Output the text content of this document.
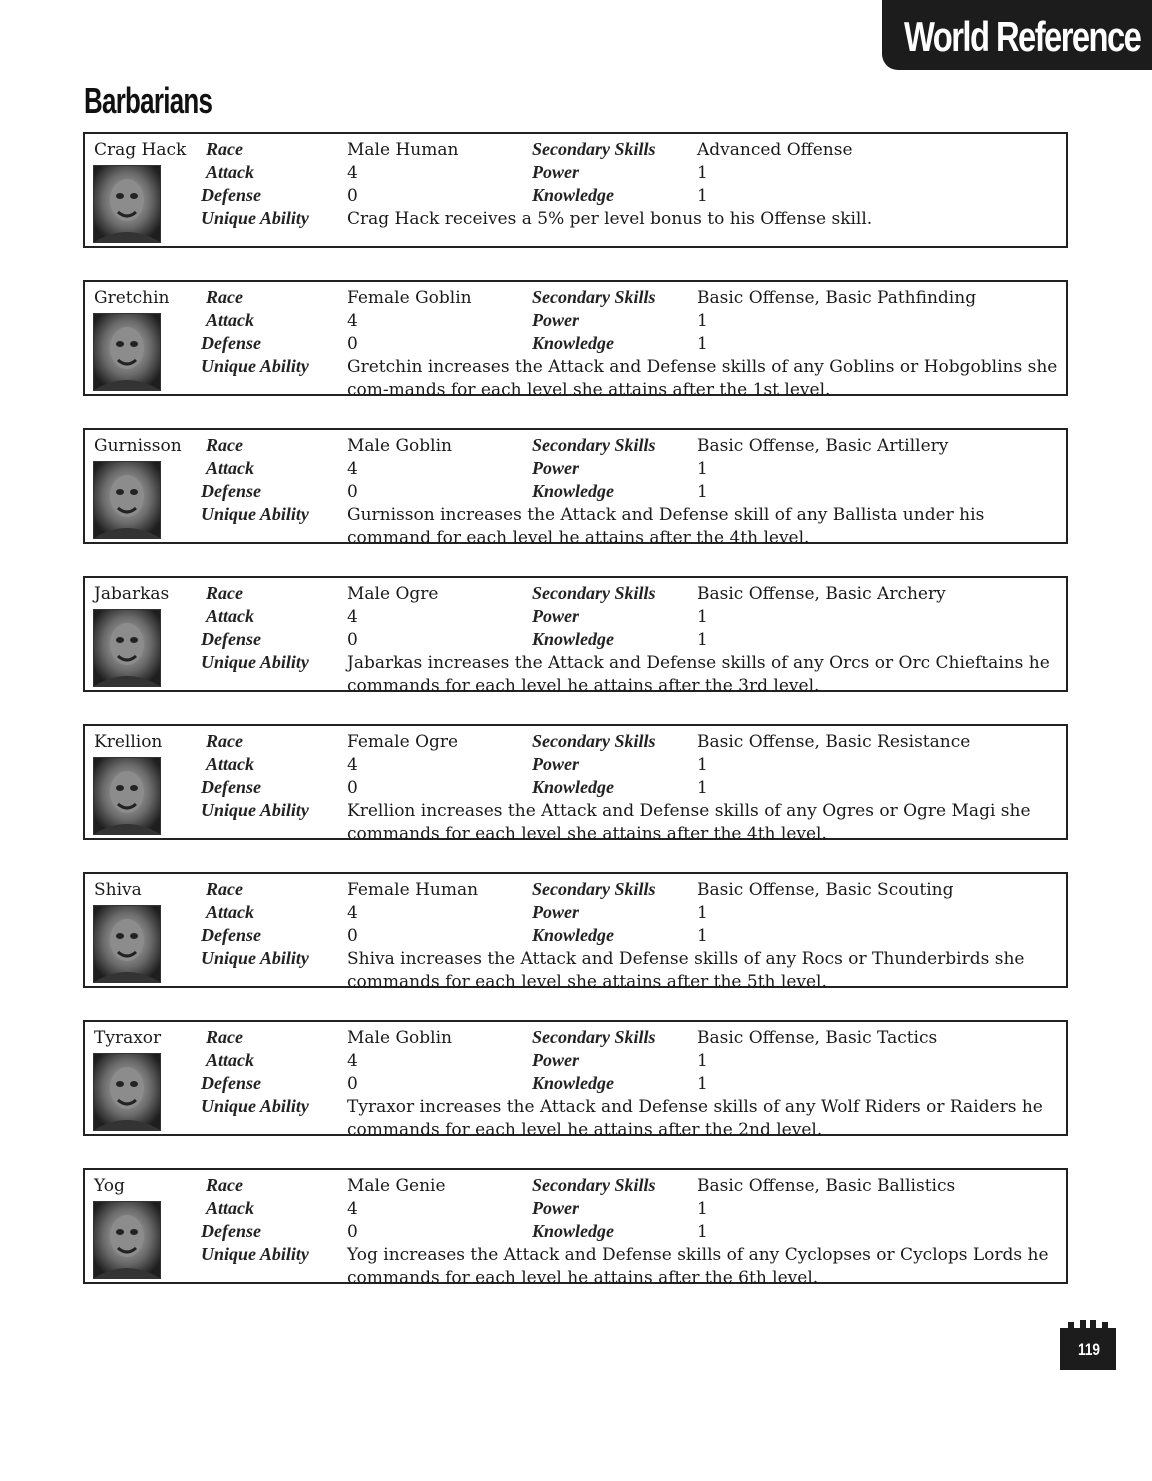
World Reference
Barbarians
Crag Hack Race
Attack
Defense
Unique Ability
Male Human
4
0
Secondary Skills
Power
Knowledge
Advanced Offense
1
1
Crag Hack receives a 5% per level bonus to his Offense skill.
Gretchin Race
Attack
Defense
Unique Ability
Female Goblin
4
0
Secondary Skills
Power
Knowledge
Basic Offense, Basic Pathfinding
1
1
Gretchin increases the Attack and Defense skills of any Goblins or Hobgoblins she com-mands for each level she attains after the 1st level.
Gurnisson Race
Attack
Defense
Unique Ability
Male Goblin
4
0
Secondary Skills
Power
Knowledge
Basic Offense, Basic Artillery
1
1
Gurnisson increases the Attack and Defense skill of any Ballista under his command for each level he attains after the 4th level.
Jabarkas Race
Attack
Defense
Unique Ability
Male Ogre
4
0
Secondary Skills
Power
Knowledge
Basic Offense, Basic Archery
1
1
Jabarkas increases the Attack and Defense skills of any Orcs or Orc Chieftains he commands for each level he attains after the 3rd level.
Krellion Race
Attack
Defense
Unique Ability
Female Ogre
4
0
Secondary Skills
Power
Knowledge
Basic Offense, Basic Resistance
1
1
Krellion increases the Attack and Defense skills of any Ogres or Ogre Magi she commands for each level she attains after the 4th level.
Shiva	Race
Attack
Defense
Unique Ability
Female Human
4
0
Secondary Skills
Power
Knowledge
Basic Offense, Basic Scouting
1
1
Shiva increases the Attack and Defense skills of any Rocs or Thunderbirds she commands for each level she attains after the 5th level.
Tyraxor Race
Attack
Defense
Unique Ability
Male Goblin
4
0
Secondary Skills
Power
Knowledge
Basic Offense, Basic Tactics
1
1
Tyraxor increases the Attack and Defense skills of any Wolf Riders or Raiders he commands for each level he attains after the 2nd level.
Yog	Race
Attack
Defense
Unique Ability
Male Genie
4
0
Secondary Skills
Power
Knowledge
Basic Offense, Basic Ballistics
1
1
Yog increases the Attack and Defense skills of any Cyclopses or Cyclops Lords he commands for each level he attains after the 6th level.
119
